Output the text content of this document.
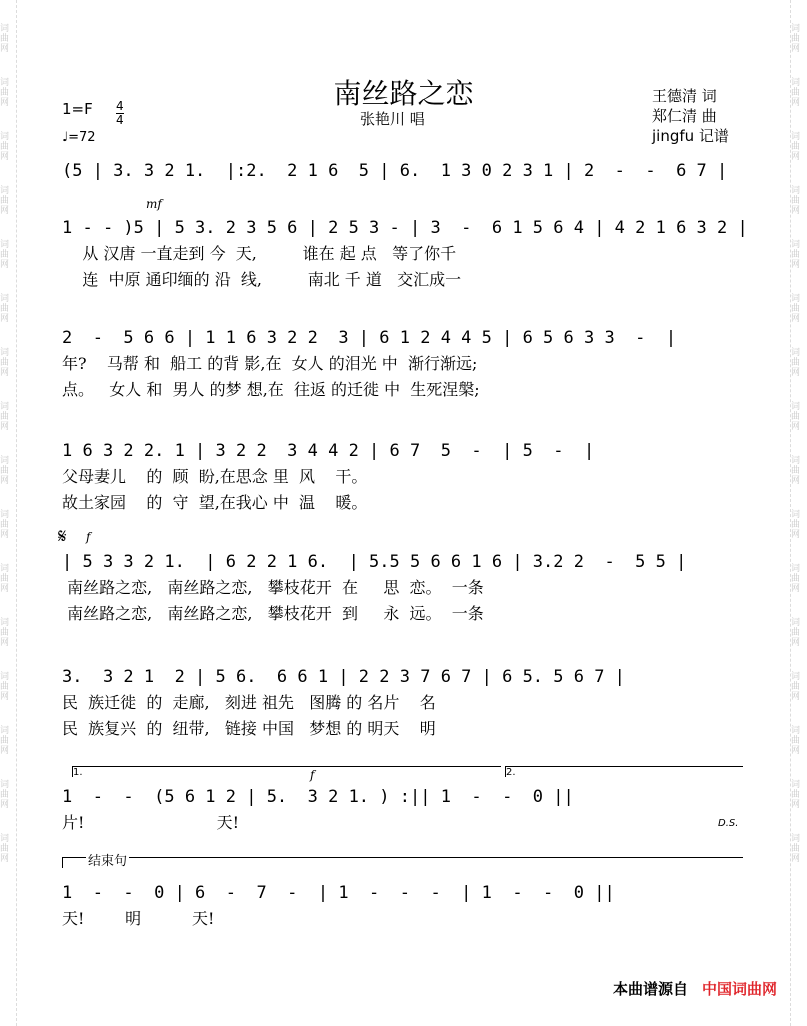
词曲网
词曲网
词曲网
词曲网
词曲网
词曲网
词曲网
词曲网
词曲网
词曲网
词曲网
词曲网
词曲网
词曲网
词曲网
词曲网
词曲网
词曲网
词曲网
词曲网
词曲网
词曲网
词曲网
词曲网
词曲网
词曲网
词曲网
词曲网
词曲网
词曲网
词曲网
词曲网
南丝路之恋
张艳川 唱
王德清 词
郑仁清 曲
jingfu 记谱
1=F 4
4
♩=72
(5 | 3. 3 2 1.  |:2.  2 1 6  5 | 6.  1 3 0 2 3 1 | 2  -  -  6 7 |
mf
1 - - )5 | 5 3. 2 3 5 6 | 2 5 3 - | 3  -  6 1 5 6 4 | 4 2 1 6 3 2 |
从 汉唐 一直走到 今  天,         谁在 起 点   等了你千
连  中原 通印缅的 沿  线,         南北 千 道   交汇成一
2  -  5 6 6 | 1 1 6 3 2 2  3 | 6 1 2 4 4 5 | 6 5 6 3 3  -  |
年?    马帮 和  船工 的背 影,在  女人 的泪光 中  渐行渐远;
点。   女人 和  男人 的梦 想,在  往返 的迁徙 中  生死涅槃;
1 6 3 2 2. 1 | 3 2 2  3 4 4 2 | 6 7  5  -  | 5  -  |
父母妻儿    的  顾  盼,在思念 里  风    干。
故土家园    的  守  望,在我心 中  温    暖。
𝄋 f
| 5 3 3 2 1.  | 6 2 2 1 6.  | 5.5 5 6 6 1 6 | 3.2 2  -  5 5 |
南丝路之恋,   南丝路之恋,   攀枝花开  在     思  恋。  一条
南丝路之恋,   南丝路之恋,   攀枝花开  到     永  远。  一条
3.  3 2 1  2 | 5 6.  6 6 1 | 2 2 3 7 6 7 | 6 5. 5 6 7 |
民  族迁徙  的  走廊,   刻进 祖先   图腾 的 名片    名
民  族复兴  的  纽带,   链接 中国   梦想 的 明天    明
1.	2.
f
1  -  -  (5 6 1 2 | 5.  3 2 1. ) :|| 1  -  -  0 ||
片!                          天!	D.S.
结束句
1  -  -  0 | 6  -  7  -  | 1  -  -  -  | 1  -  -  0 ||
天!        明          天!
本曲谱源自 中国词曲网
